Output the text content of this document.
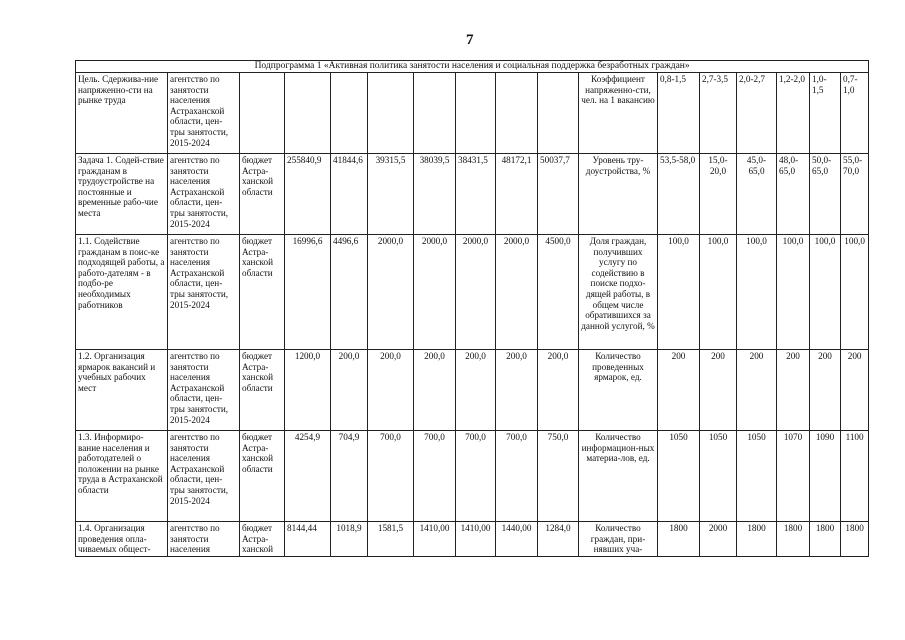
7
Подпрограмма 1 «Активная политика занятости населения и социальная поддержка безработных граждан»																
Цель. Сдержива-ние напряженно-сти на рынке труда	агентство по занятости населения Астраханской области, цен-тры занятости, 2015-2024									Коэффициент напряженно-сти, чел. на 1 вакансию	0,8-1,5	2,7-3,5	2,0-2,7	1,2-2,0	1,0-1,5	0,7-1,0
Задача 1. Содей-ствие гражданам в трудоустройстве на постоянные и временные рабо-чие места	агентство по занятости населения Астраханской области, цен-тры занятости, 2015-2024	бюджет Астра-ханской области	255840,9	41844,6	39315,5	38039,5	38431,5	48172,1	50037,7	Уровень тру-доустройства, %	53,5-58,0	15,0-20,0	45,0-65,0	48,0-65,0	50,0-65,0	55,0-70,0
1.1. Содействие гражданам в поис-ке подходящей работы, а работо-дателям - в подбо-ре необходимых работников	агентство по занятости населения Астраханской области, цен-тры занятости, 2015-2024	бюджет Астра-ханской области	16996,6	4496,6	2000,0	2000,0	2000,0	2000,0	4500,0	Доля граждан, получивших услугу по содействию в поиске подхо-дящей работы, в общем числе обратившихся за данной услугой, %	100,0	100,0	100,0	100,0	100,0	100,0
1.2. Организация ярмарок вакансий и учебных рабочих мест	агентство по занятости населения Астраханской области, цен-тры занятости, 2015-2024	бюджет Астра-ханской области	1200,0	200,0	200,0	200,0	200,0	200,0	200,0	Количество проведенных ярмарок, ед.	200	200	200	200	200	200
1.3. Информиро-вание населения и работодателей о положении на рынке труда в Астраханской области	агентство по занятости населения Астраханской области, цен-тры занятости, 2015-2024	бюджет Астра-ханской области	4254,9	704,9	700,0	700,0	700,0	700,0	750,0	Количество информацион-ных материа-лов, ед.	1050	1050	1050	1070	1090	1100
1.4. Организация проведения опла-чиваемых общест-	агентство по занятости населения	бюджет Астра-ханской	8144,44	1018,9	1581,5	1410,00	1410,00	1440,00	1284,0	Количество граждан, при-нявших уча-	1800	2000	1800	1800	1800	1800
